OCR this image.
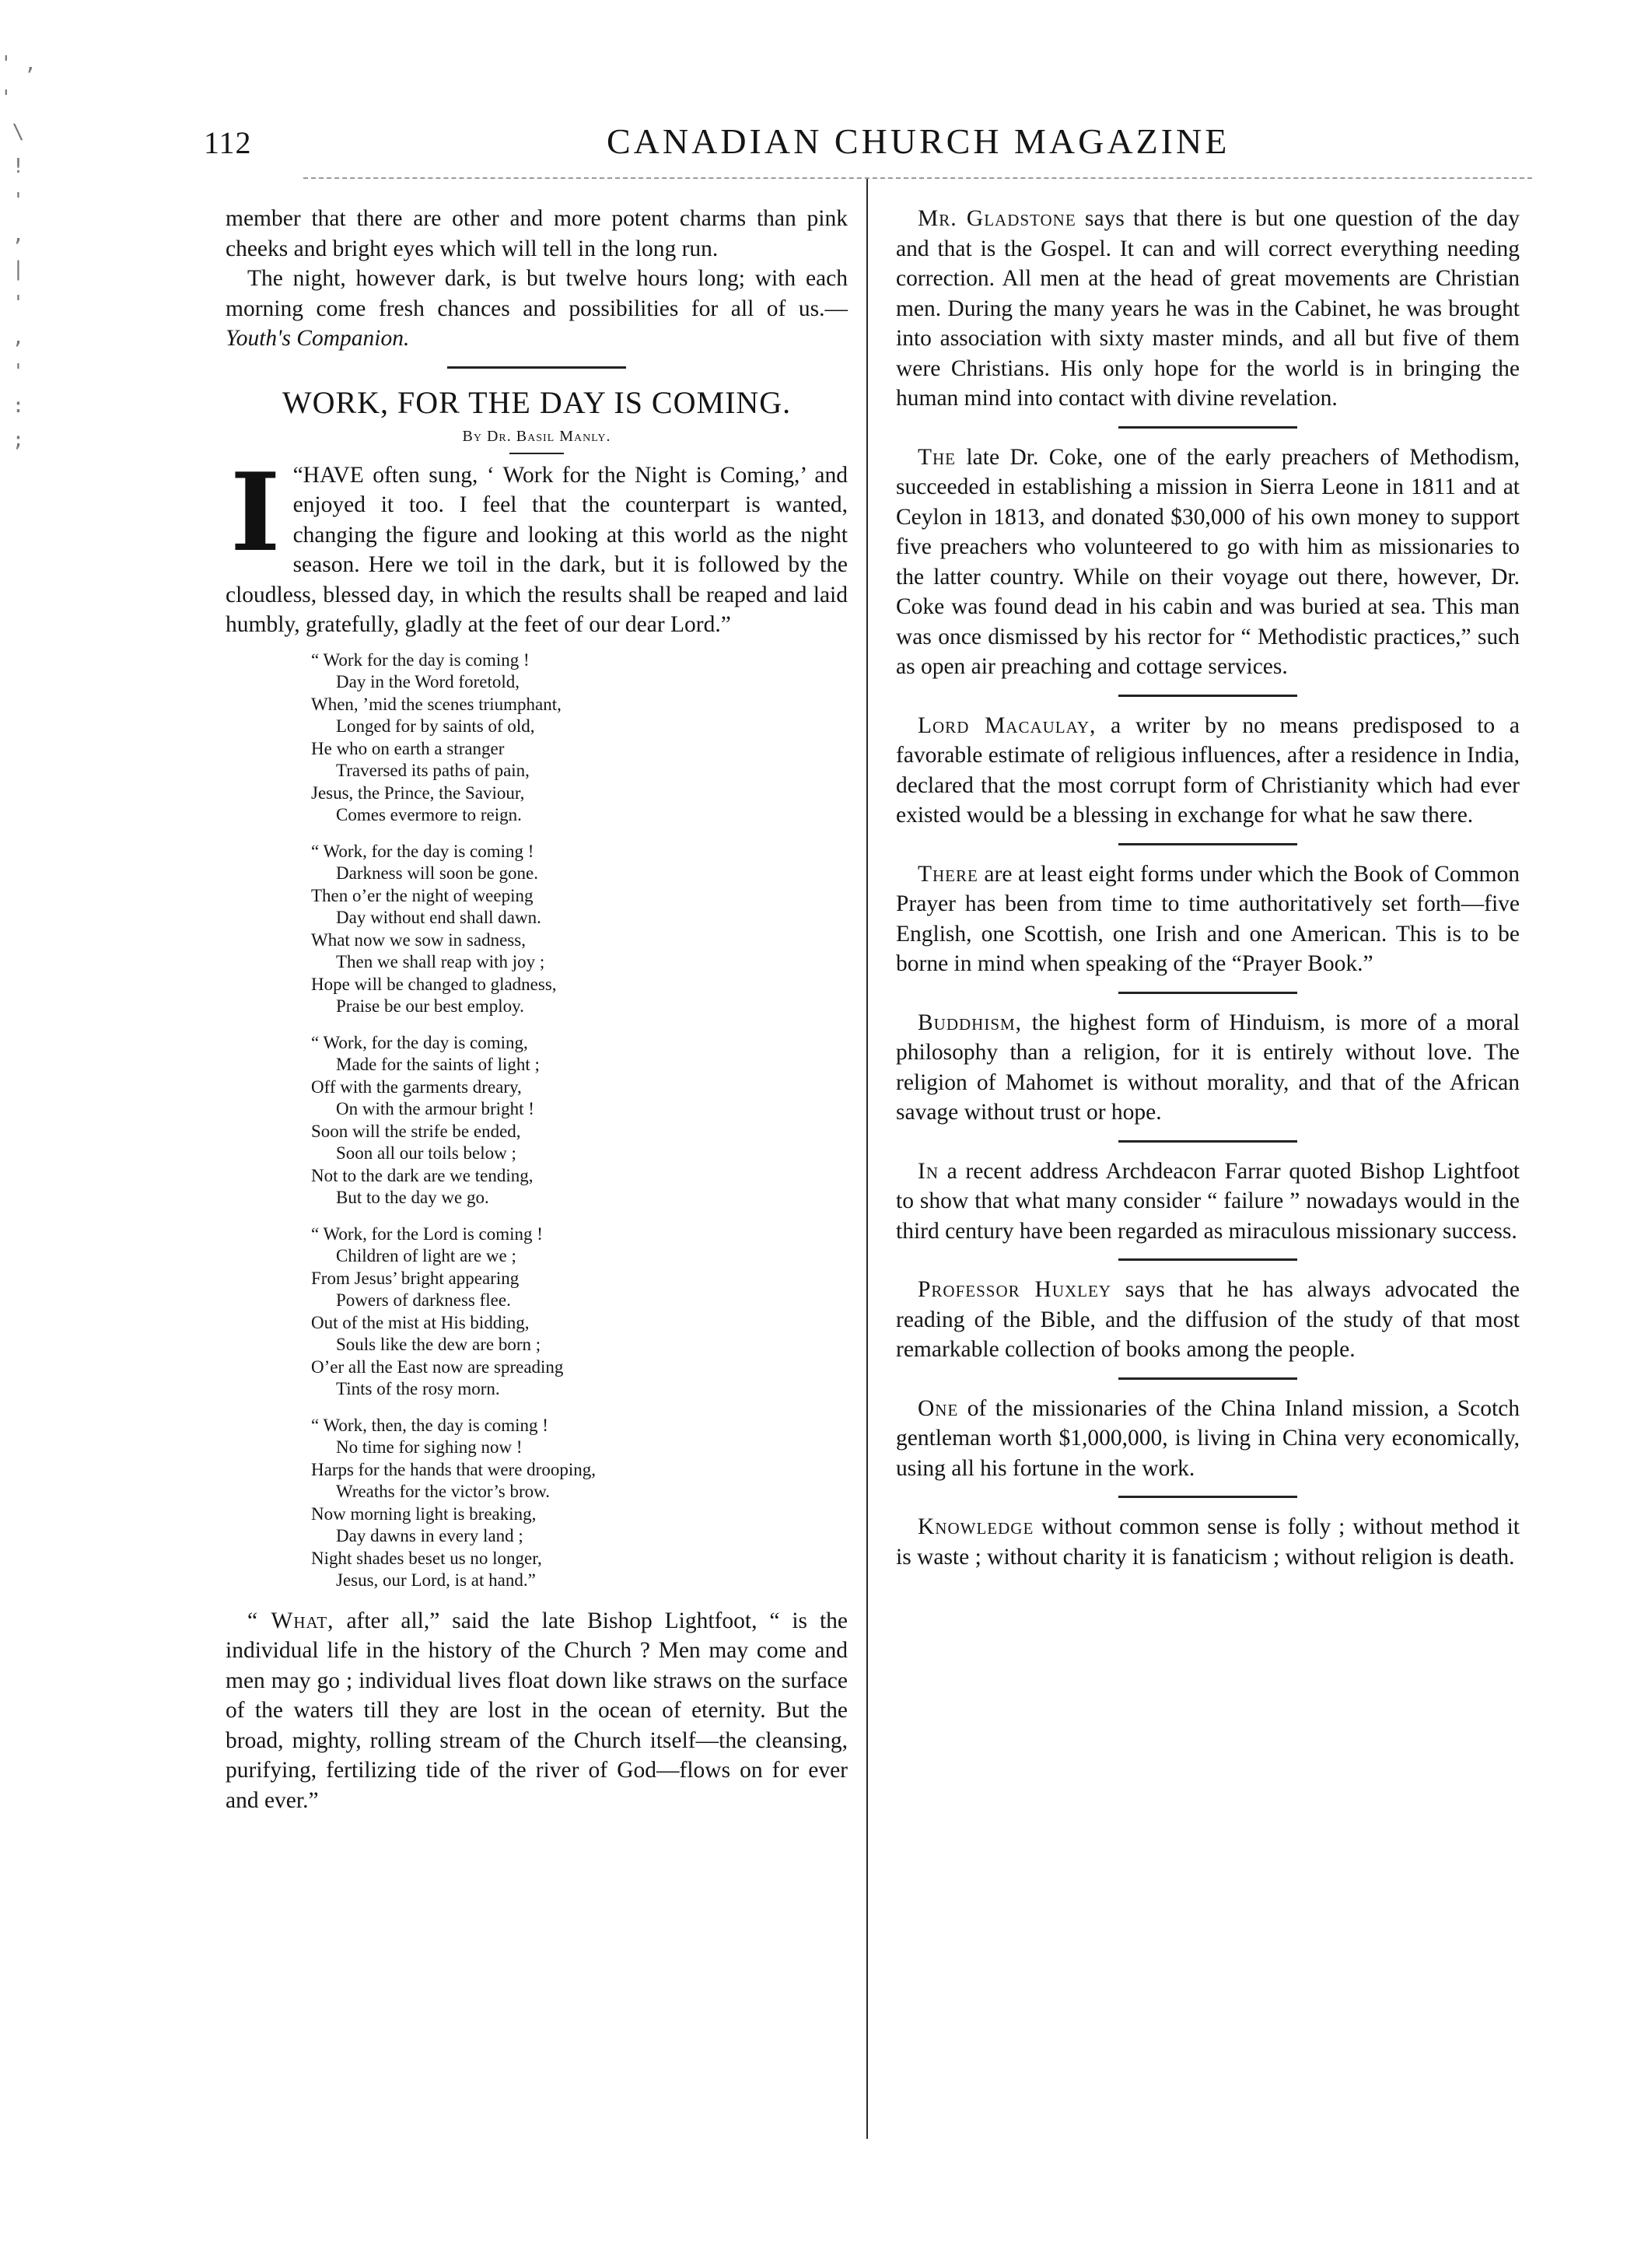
' ,
'
\
!
'
,
|
'
,
'
:
;
112	CANADIAN CHURCH MAGAZINE

member that there are other and more potent charms than pink cheeks and bright eyes which will tell in the long run.

The night, however dark, is but twelve hours long; with each morning come fresh chances and possibilities for all of us.— Youth's Companion.

WORK, FOR THE DAY IS COMING.
By Dr. Basil Manly.

“
I HAVE often sung, ‘ Work for the Night is Coming,’ and enjoyed it too. I feel that the counterpart is wanted, changing the figure and looking at this world as the night season. Here we toil in the dark, but it is followed by the cloudless, blessed day, in which the results shall be reaped and laid humbly, gratefully, gladly at the feet of our dear Lord.”

“ Work for the day is coming !
Day in the Word foretold,
When, ’mid the scenes triumphant,
Longed for by saints of old,
He who on earth a stranger
Traversed its paths of pain,
Jesus, the Prince, the Saviour,
Comes evermore to reign.
“ Work, for the day is coming !
Darkness will soon be gone.
Then o’er the night of weeping
Day without end shall dawn.
What now we sow in sadness,
Then we shall reap with joy ;
Hope will be changed to gladness,
Praise be our best employ.
“ Work, for the day is coming,
Made for the saints of light ;
Off with the garments dreary,
On with the armour bright !
Soon will the strife be ended,
Soon all our toils below ;
Not to the dark are we tending,
But to the day we go.
“ Work, for the Lord is coming !
Children of light are we ;
From Jesus’ bright appearing
Powers of darkness flee.
Out of the mist at His bidding,
Souls like the dew are born ;
O’er all the East now are spreading
Tints of the rosy morn.
“ Work, then, the day is coming !
No time for sighing now !
Harps for the hands that were drooping,
Wreaths for the victor’s brow.
Now morning light is breaking,
Day dawns in every land ;
Night shades beset us no longer,
Jesus, our Lord, is at hand.”

“ What, after all,” said the late Bishop Lightfoot, “ is the individual life in the history of the Church ? Men may come and men may go ; individual lives float down like straws on the surface of the waters till they are lost in the ocean of eternity. But the broad, mighty, rolling stream of the Church itself—the cleansing, purifying, fertilizing tide of the river of God—flows on for ever and ever.”

Mr. Gladstone says that there is but one question of the day and that is the Gospel. It can and will correct everything needing correction. All men at the head of great movements are Christian men. During the many years he was in the Cabinet, he was brought into association with sixty master minds, and all but five of them were Christians. His only hope for the world is in bringing the human mind into contact with divine revelation.

The late Dr. Coke, one of the early preachers of Methodism, succeeded in establishing a mission in Sierra Leone in 1811 and at Ceylon in 1813, and donated $30,000 of his own money to support five preachers who volunteered to go with him as missionaries to the latter country. While on their voyage out there, however, Dr. Coke was found dead in his cabin and was buried at sea. This man was once dismissed by his rector for “ Methodistic practices,” such as open air preaching and cottage services.

Lord Macaulay, a writer by no means predisposed to a favorable estimate of religious influences, after a residence in India, declared that the most corrupt form of Christianity which had ever existed would be a blessing in exchange for what he saw there.

There are at least eight forms under which the Book of Common Prayer has been from time to time authoritatively set forth—five English, one Scottish, one Irish and one American. This is to be borne in mind when speaking of the “Prayer Book.”

Buddhism, the highest form of Hinduism, is more of a moral philosophy than a religion, for it is entirely without love. The religion of Mahomet is without morality, and that of the African savage without trust or hope.

In a recent address Archdeacon Farrar quoted Bishop Lightfoot to show that what many consider “ failure ” nowadays would in the third century have been regarded as miraculous missionary success.

Professor Huxley says that he has always advocated the reading of the Bible, and the diffusion of the study of that most remarkable collection of books among the people.

One of the missionaries of the China Inland mission, a Scotch gentleman worth $1,000,000, is living in China very economically, using all his fortune in the work.

Knowledge without common sense is folly ; without method it is waste ; without charity it is fanaticism ; without religion is death.
